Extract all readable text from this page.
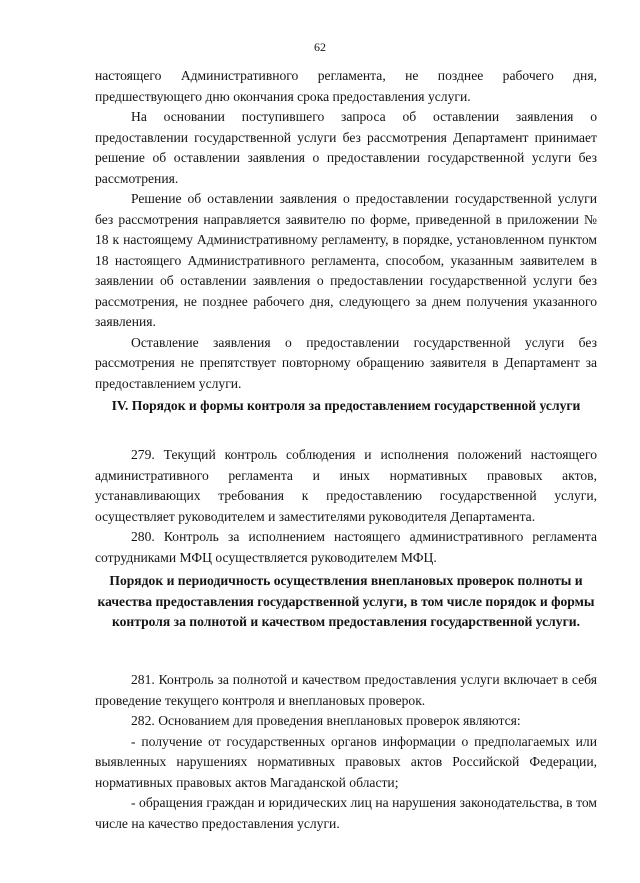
62

настоящего Административного регламента, не позднее рабочего дня, предшествующего дню окончания срока предоставления услуги.

На основании поступившего запроса об оставлении заявления о предоставлении государственной услуги без рассмотрения Департамент принимает решение об оставлении заявления о предоставлении государственной услуги без рассмотрения.

Решение об оставлении заявления о предоставлении государственной услуги без рассмотрения направляется заявителю по форме, приведенной в приложении № 18 к настоящему Административному регламенту, в порядке, установленном пунктом 18 настоящего Административного регламента, способом, указанным заявителем в заявлении об оставлении заявления о предоставлении государственной услуги без рассмотрения, не позднее рабочего дня, следующего за днем получения указанного заявления.

Оставление заявления о предоставлении государственной услуги без рассмотрения не препятствует повторному обращению заявителя в Департамент за предоставлением услуги.

IV. Порядок и формы контроля за предоставлением государственной услуги

279. Текущий контроль соблюдения и исполнения положений настоящего административного регламента и иных нормативных правовых актов, устанавливающих требования к предоставлению государственной услуги, осуществляет руководителем и заместителями руководителя Департамента.

280. Контроль за исполнением настоящего административного регламента сотрудниками МФЦ осуществляется руководителем МФЦ.

Порядок и периодичность осуществления внеплановых проверок полноты и качества предоставления государственной услуги, в том числе порядок и формы контроля за полнотой и качеством предоставления государственной услуги.

281. Контроль за полнотой и качеством предоставления услуги включает в себя проведение текущего контроля и внеплановых проверок.

282. Основанием для проведения внеплановых проверок являются:

- получение от государственных органов информации о предполагаемых или выявленных нарушениях нормативных правовых актов Российской Федерации, нормативных правовых актов Магаданской области;

- обращения граждан и юридических лиц на нарушения законодательства, в том числе на качество предоставления услуги.
